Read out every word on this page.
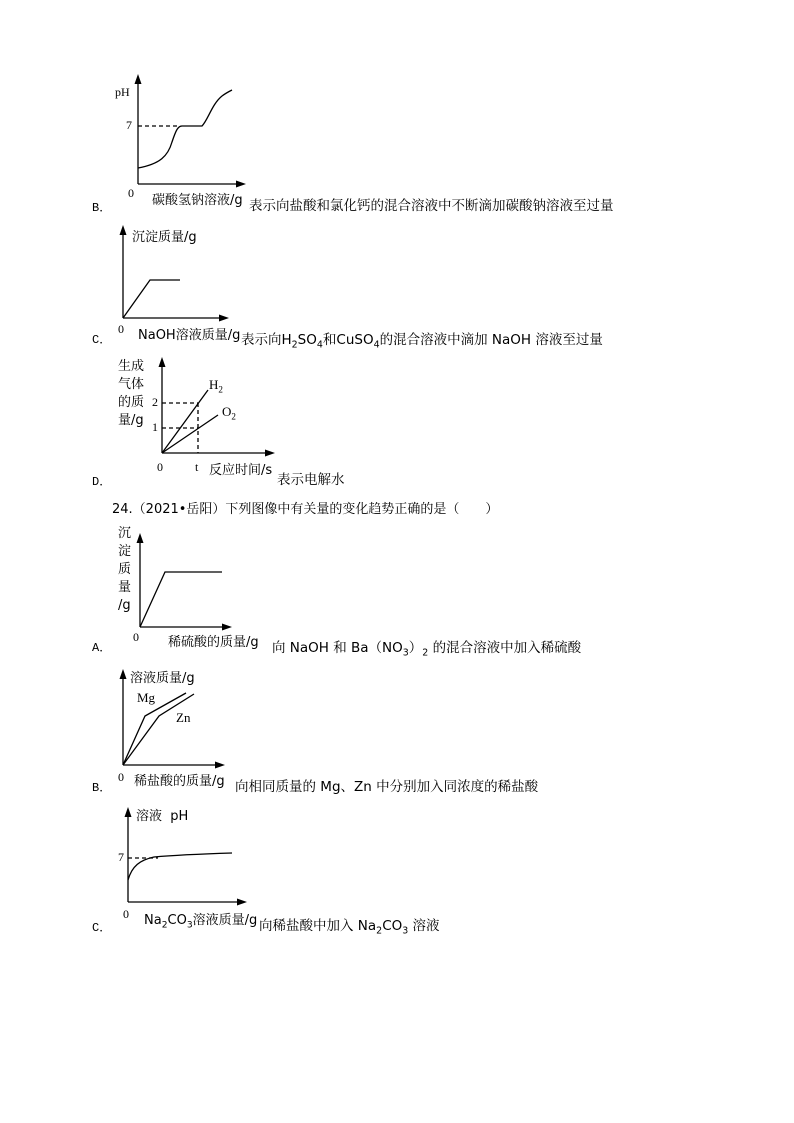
B．
pH
7
0 碳酸氢钠溶液/g 表示向盐酸和氯化钙的混合溶液中不断滴加碳酸钠溶液至过量
C．
沉淀质量/g
0 NaOH溶液质量/g 表示向$H_2SO_4$和CuSO$_4$的混合溶液中滴加 NaOH 溶液至过量
D．
生成
气体
的质
量/g
2
1
0	t 反应时间/s
$H_2$
$O_2$
表示电解水
24.（2021•岳阳）下列图像中有关量的变化趋势正确的是（　　）
A．
沉
淀
质
量
/g
0 稀硫酸的质量/g 向 NaOH 和 $Ba(NO_3)_2$ 的混合溶液中加入稀硫酸
B．
溶液质量/g
Mg
Zn
0 稀盐酸的质量/g 向相同质量的 Mg、Zn 中分别加入同浓度的稀盐酸
C．
溶液  pH
7
0 $Na_2CO_3$溶液质量/g 向稀盐酸中加入 $Na_2CO_3$ 溶液
